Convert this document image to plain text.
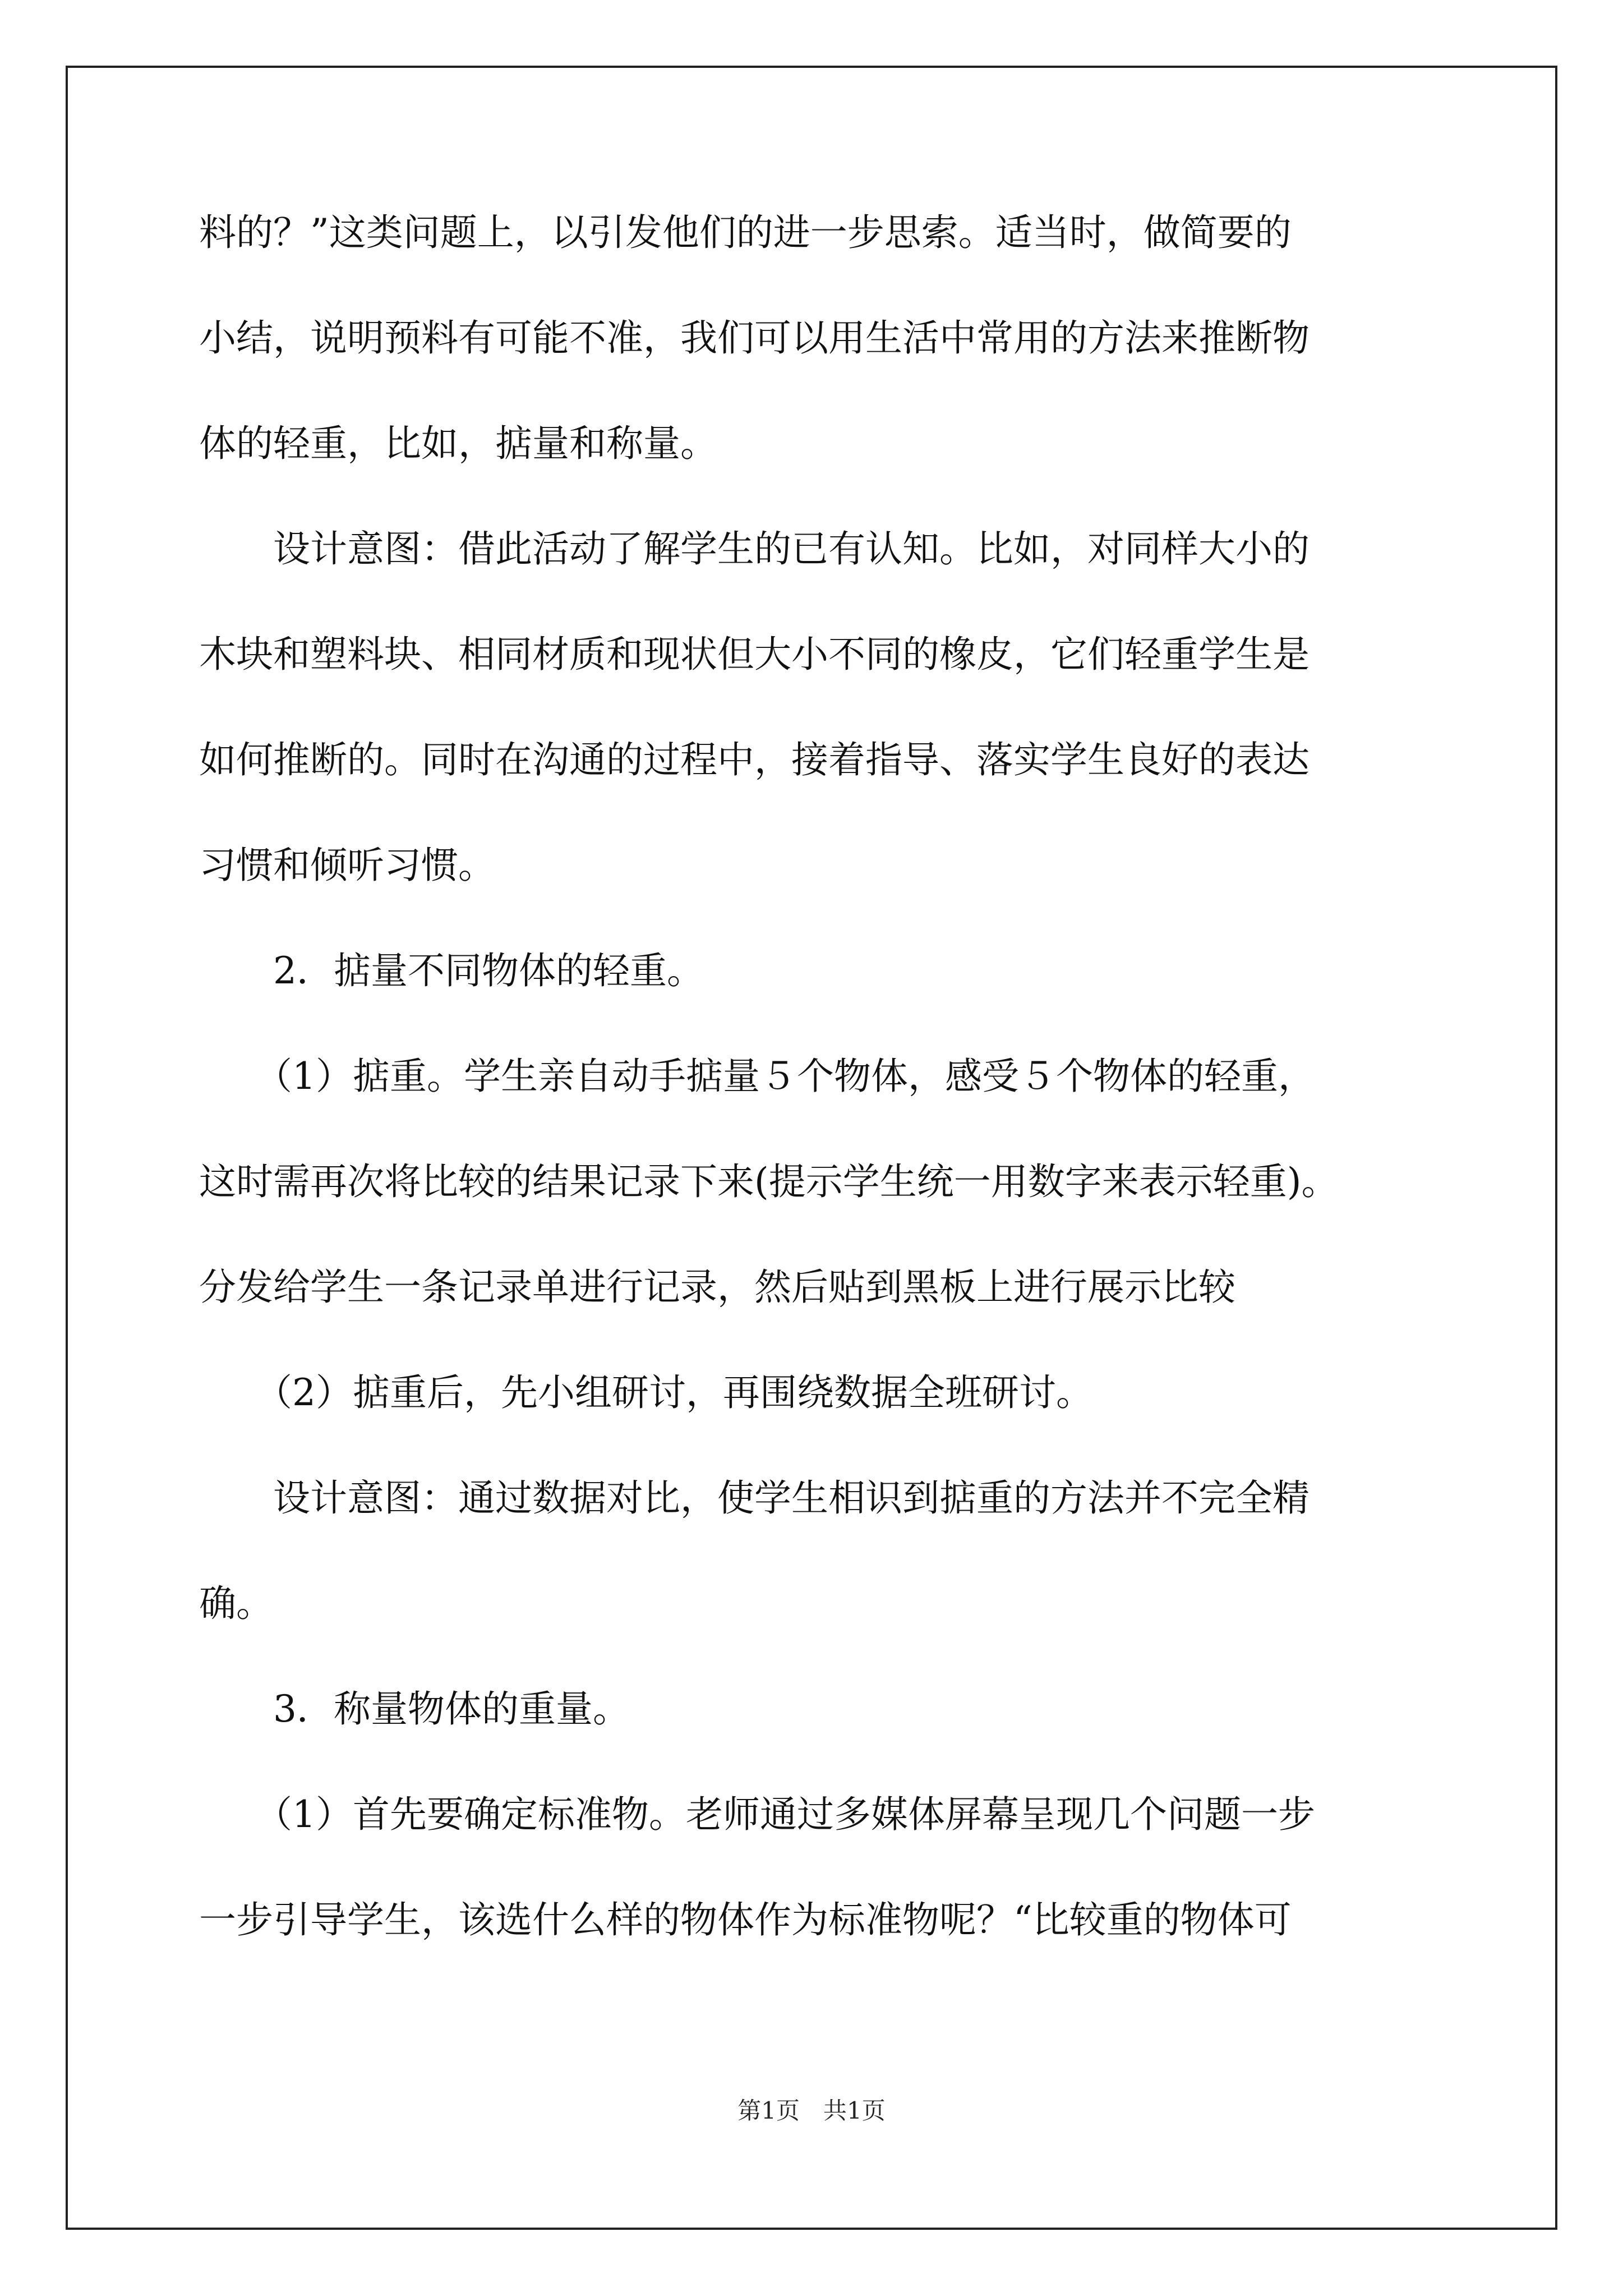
料的？”这类问题上，以引发他们的进一步思索。适当时，做简要的
小结，说明预料有可能不准，我们可以用生活中常用的方法来推断物
体的轻重，比如，掂量和称量。
设计意图：借此活动了解学生的已有认知。比如，对同样大小的
木块和塑料块、相同材质和现状但大小不同的橡皮，它们轻重学生是
如何推断的。同时在沟通的过程中，接着指导、落实学生良好的表达
习惯和倾听习惯。
2．掂量不同物体的轻重。
（1）掂重。学生亲自动手掂量５个物体，感受５个物体的轻重，
这时需再次将比较的结果记录下来(提示学生统一用数字来表示轻重)。
分发给学生一条记录单进行记录，然后贴到黑板上进行展示比较
（2）掂重后，先小组研讨，再围绕数据全班研讨。
设计意图：通过数据对比，使学生相识到掂重的方法并不完全精
确。
3．称量物体的重量。
（1）首先要确定标准物。老师通过多媒体屏幕呈现几个问题一步
一步引导学生，该选什么样的物体作为标准物呢？“比较重的物体可
第1页　共1页
